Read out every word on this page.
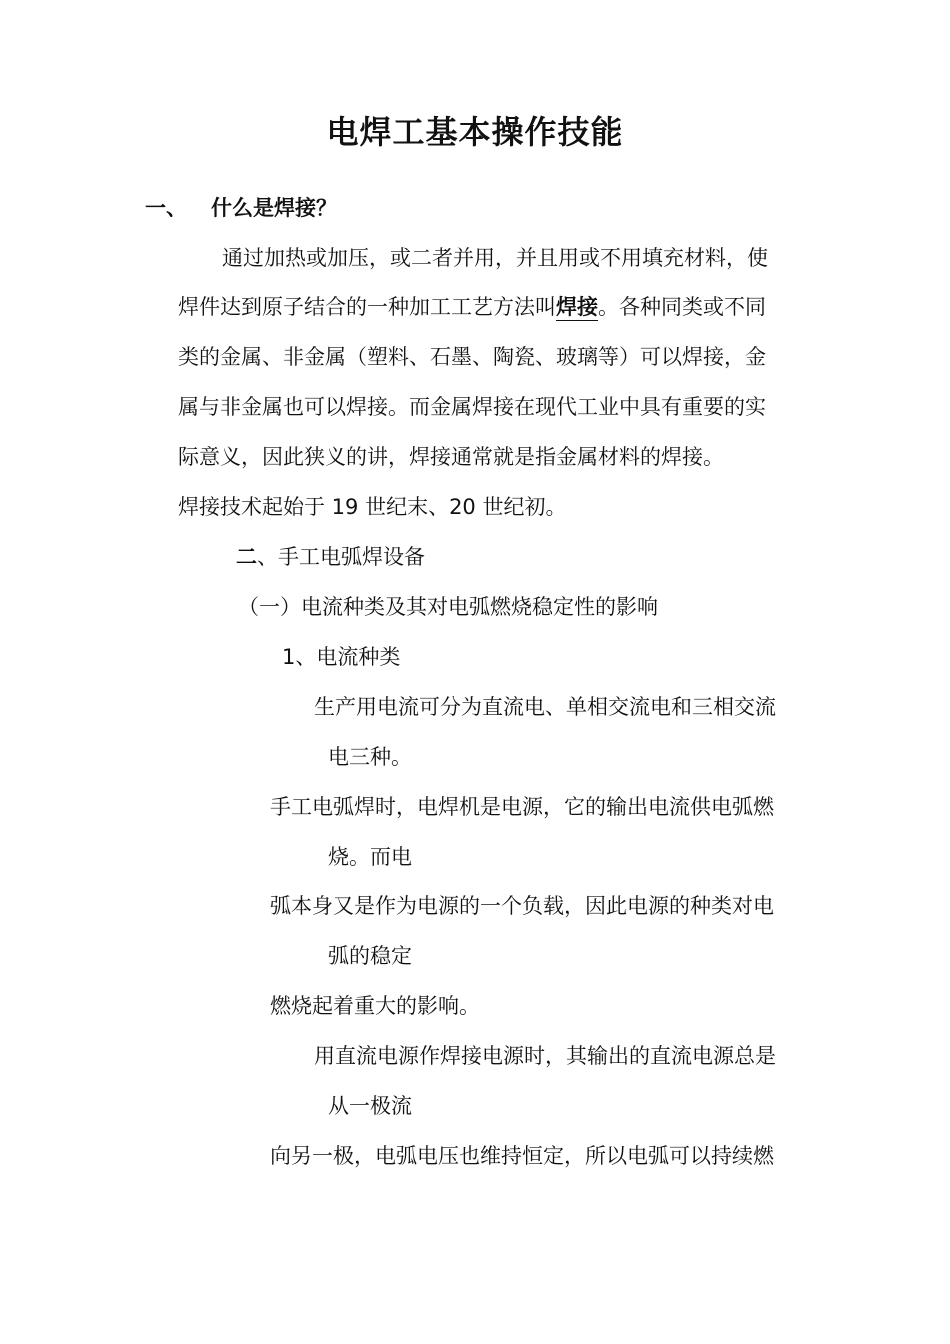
电焊工基本操作技能
一、 什么是焊接？
通过加热或加压，或二者并用，并且用或不用填充材料，使
焊件达到原子结合的一种加工工艺方法叫焊接。各种同类或不同
类的金属、非金属（塑料、石墨、陶瓷、玻璃等）可以焊接，金
属与非金属也可以焊接。而金属焊接在现代工业中具有重要的实
际意义，因此狭义的讲，焊接通常就是指金属材料的焊接。
焊接技术起始于 19 世纪末、20 世纪初。
二、手工电弧焊设备
（一）电流种类及其对电弧燃烧稳定性的影响
1、电流种类
生产用电流可分为直流电、单相交流电和三相交流
电三种。
手工电弧焊时，电焊机是电源，它的输出电流供电弧燃
烧。而电
弧本身又是作为电源的一个负载，因此电源的种类对电
弧的稳定
燃烧起着重大的影响。
用直流电源作焊接电源时，其输出的直流电源总是
从一极流
向另一极，电弧电压也维持恒定，所以电弧可以持续燃
